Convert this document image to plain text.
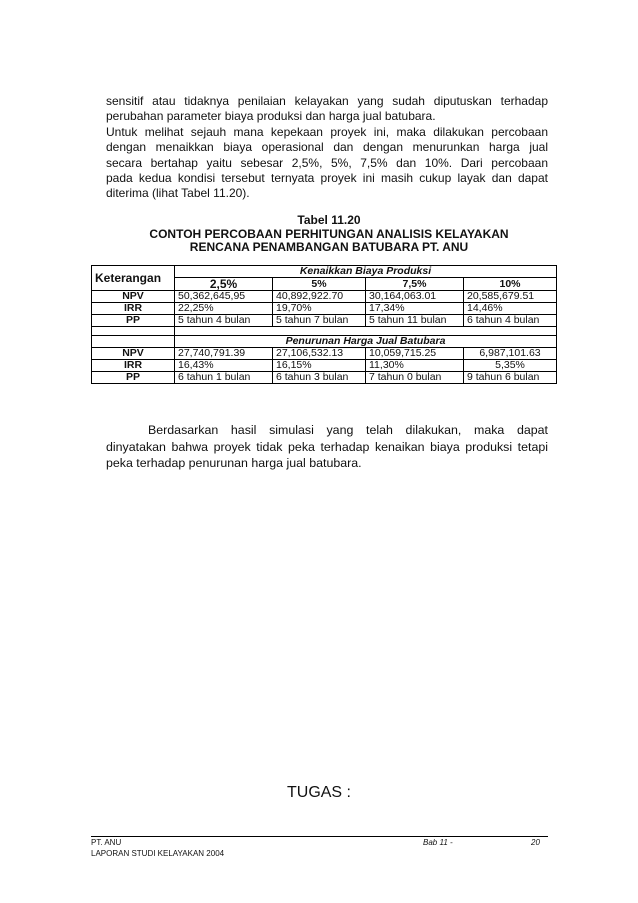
sensitif atau tidaknya penilaian kelayakan yang sudah diputuskan terhadap
perubahan parameter biaya produksi dan harga jual batubara.
Untuk melihat sejauh mana kepekaan proyek ini, maka dilakukan percobaan
dengan menaikkan biaya operasional dan dengan menurunkan harga jual
secara bertahap yaitu sebesar 2,5%, 5%, 7,5% dan 10%. Dari percobaan
pada kedua kondisi tersebut ternyata proyek ini masih cukup layak dan dapat
diterima (lihat Tabel 11.20).
Tabel 11.20
CONTOH PERCOBAAN PERHITUNGAN ANALISIS KELAYAKAN
RENCANA PENAMBANGAN BATUBARA PT. ANU
Keterangan	Kenaikkan Biaya Produksi			
	2,5%	5%	7,5%	10%
NPV	50,362,645,95	40,892,922.70	30,164,063.01	20,585,679.51
IRR	22,25%	19,70%	17,34%	14,46%
PP	5 tahun 4 bulan	5 tahun 7 bulan	5 tahun 11 bulan	6 tahun 4 bulan

	Penurunan Harga Jual Batubara			
NPV	27,740,791.39	27,106,532.13	10,059,715.25	6,987,101.63
IRR	16,43%	16,15%	11,30%	5,35%
PP	6 tahun 1 bulan	6 tahun 3 bulan	7 tahun 0 bulan	9 tahun 6 bulan
Berdasarkan hasil simulasi yang telah dilakukan, maka dapat
dinyatakan bahwa proyek tidak peka terhadap kenaikan biaya produksi tetapi
peka terhadap penurunan harga jual batubara.
TUGAS :
PT. ANU	Bab 11 -	20
LAPORAN STUDI KELAYAKAN 2004
